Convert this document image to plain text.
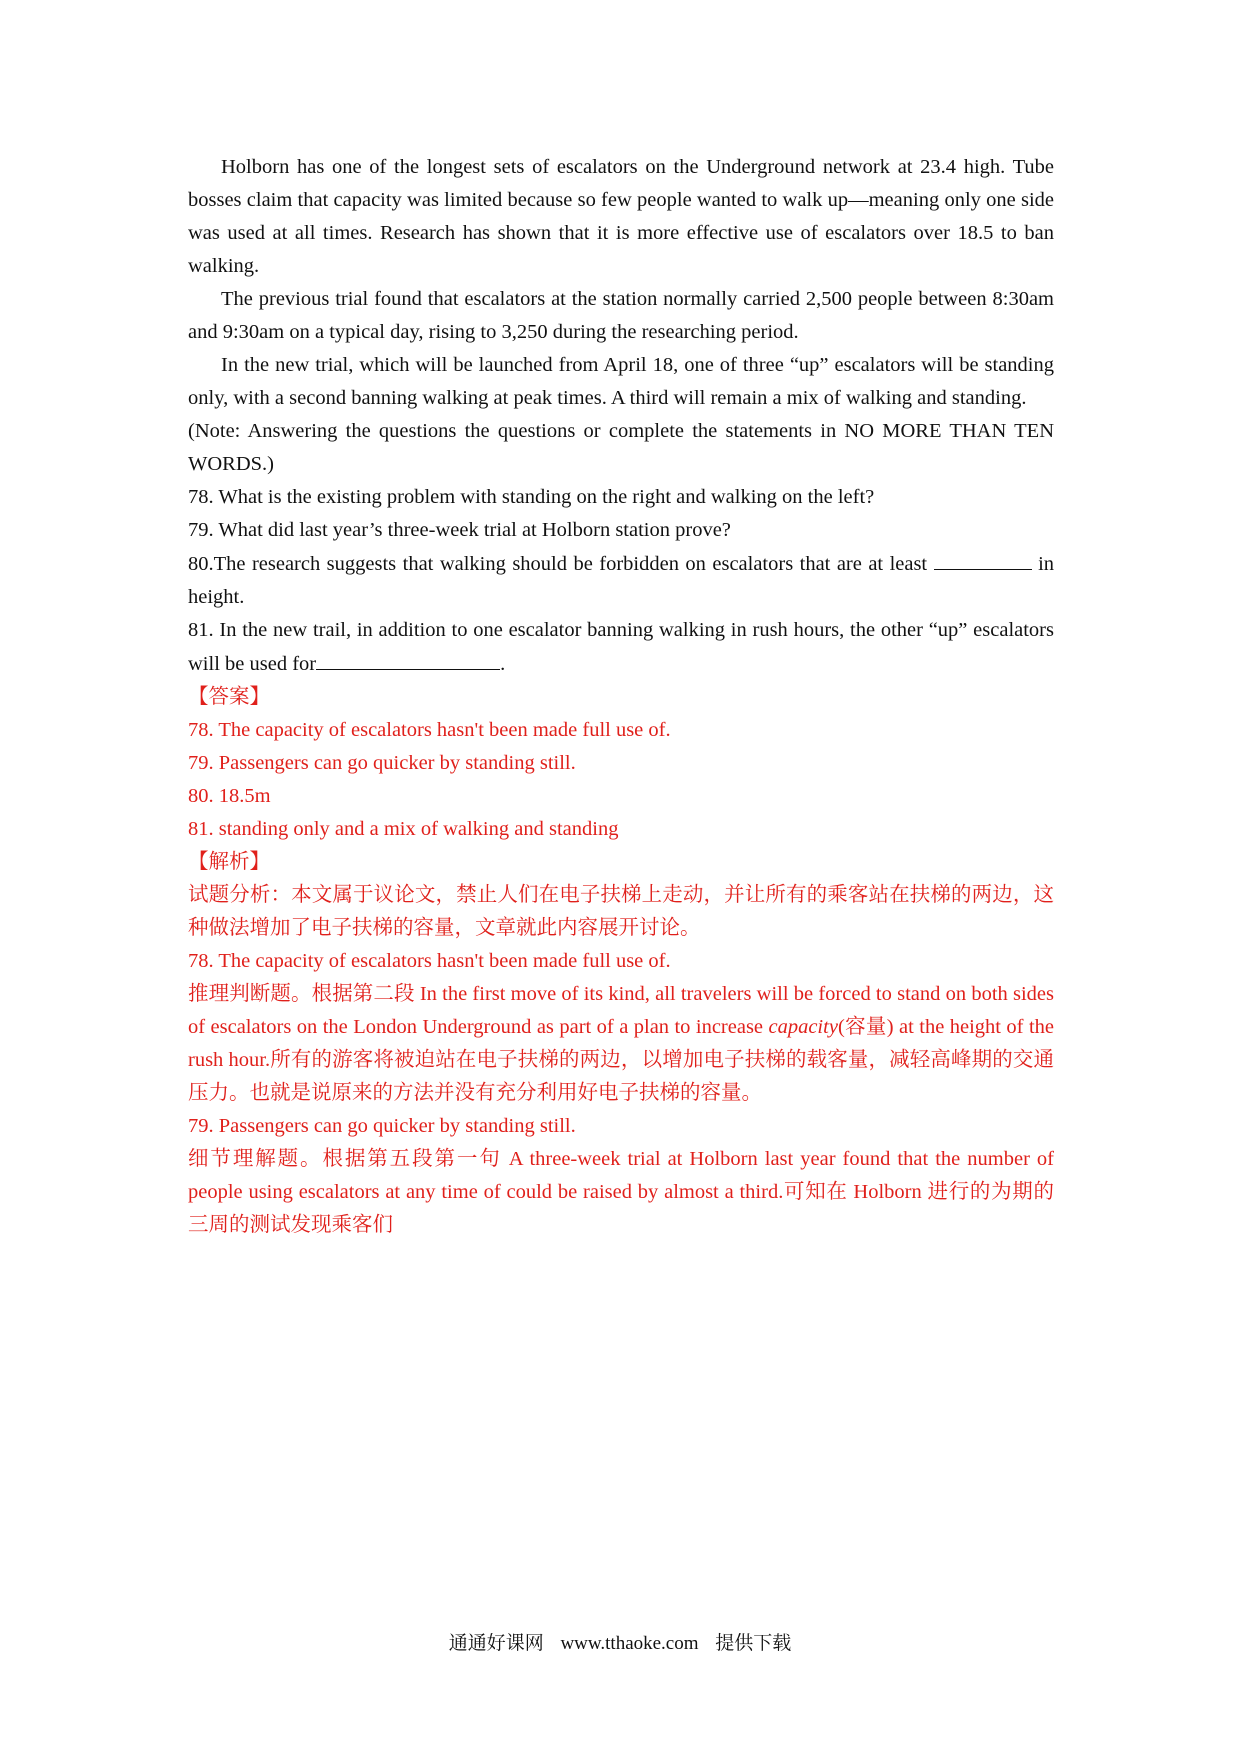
Holborn has one of the longest sets of escalators on the Underground network at 23.4 high. Tube bosses claim that capacity was limited because so few people wanted to walk up—meaning only one side was used at all times. Research has shown that it is more effective use of escalators over 18.5 to ban walking.

The previous trial found that escalators at the station normally carried 2,500 people between 8:30am and 9:30am on a typical day, rising to 3,250 during the researching period.

In the new trial, which will be launched from April 18, one of three “up” escalators will be standing only, with a second banning walking at peak times. A third will remain a mix of walking and standing.

(Note: Answering the questions the questions or complete the statements in NO MORE THAN TEN WORDS.)

78. What is the existing problem with standing on the right and walking on the left?

79. What did last year’s three-week trial at Holborn station prove?

80.The research suggests that walking should be forbidden on escalators that are at least	in height.

81. In the new trail, in addition to one escalator banning walking in rush hours, the other “up” escalators will be used for	.

【答案】

78. The capacity of escalators hasn't been made full use of.

79. Passengers can go quicker by standing still.

80. 18.5m

81. standing only and a mix of walking and standing

【解析】

试题分析：本文属于议论文，禁止人们在电子扶梯上走动，并让所有的乘客站在扶梯的两边，这种做法增加了电子扶梯的容量，文章就此内容展开讨论。

78. The capacity of escalators hasn't been made full use of.

推理判断题。根据第二段 In the first move of its kind, all travelers will be forced to stand on both sides of escalators on the London Underground as part of a plan to increase capacity(容量) at the height of the rush hour.所有的游客将被迫站在电子扶梯的两边，以增加电子扶梯的载客量，减轻高峰期的交通压力。也就是说原来的方法并没有充分利用好电子扶梯的容量。

79. Passengers can go quicker by standing still.

细节理解题。根据第五段第一句 A three-week trial at Holborn last year found that the number of people using escalators at any time of could be raised by almost a third.可知在 Holborn 进行的为期的三周的测试发现乘客们

通通好课网 www.tthaoke.com 提供下载
